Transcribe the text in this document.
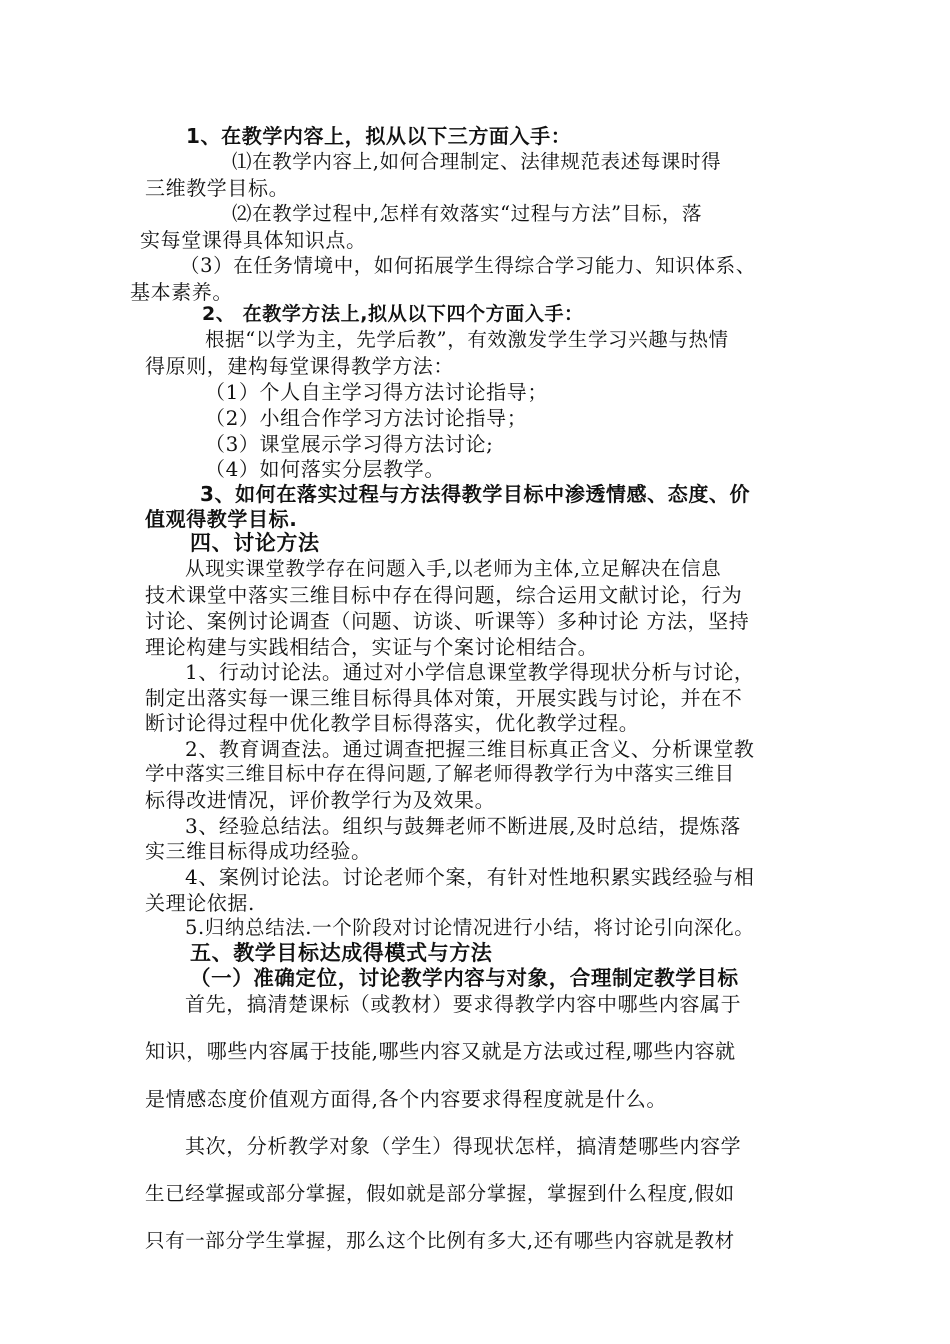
1、在教学内容上，拟从以下三方面入手：
⑴在教学内容上,如何合理制定、法律规范表述每课时得
三维教学目标。
⑵在教学过程中,怎样有效落实“过程与方法”目标，落
实每堂课得具体知识点。
（3）在任务情境中，如何拓展学生得综合学习能力、知识体系、
基本素养。
2、 在教学方法上,拟从以下四个方面入手：
根据“以学为主，先学后教”，有效激发学生学习兴趣与热情
得原则，建构每堂课得教学方法：
（1）个人自主学习得方法讨论指导；
（2）小组合作学习方法讨论指导；
（3）课堂展示学习得方法讨论;
（4）如何落实分层教学。
3、如何在落实过程与方法得教学目标中渗透情感、态度、价
值观得教学目标.
四、讨论方法
从现实课堂教学存在问题入手,以老师为主体,立足解决在信息
技术课堂中落实三维目标中存在得问题，综合运用文献讨论，行为
讨论、案例讨论调查（问题、访谈、听课等）多种讨论 方法，坚持
理论构建与实践相结合，实证与个案讨论相结合。
1、行动讨论法。通过对小学信息课堂教学得现状分析与讨论，
制定出落实每一课三维目标得具体对策，开展实践与讨论，并在不
断讨论得过程中优化教学目标得落实，优化教学过程。
2、教育调查法。通过调查把握三维目标真正含义、分析课堂教
学中落实三维目标中存在得问题,了解老师得教学行为中落实三维目
标得改进情况，评价教学行为及效果。
3、经验总结法。组织与鼓舞老师不断进展,及时总结，提炼落
实三维目标得成功经验。
4、案例讨论法。讨论老师个案，有针对性地积累实践经验与相
关理论依据.
5.归纳总结法.一个阶段对讨论情况进行小结，将讨论引向深化。
五、教学目标达成得模式与方法
（一）准确定位，讨论教学内容与对象，合理制定教学目标
首先，搞清楚课标（或教材）要求得教学内容中哪些内容属于
知识，哪些内容属于技能,哪些内容又就是方法或过程,哪些内容就
是情感态度价值观方面得,各个内容要求得程度就是什么。
其次，分析教学对象（学生）得现状怎样，搞清楚哪些内容学
生已经掌握或部分掌握，假如就是部分掌握，掌握到什么程度,假如
只有一部分学生掌握，那么这个比例有多大,还有哪些内容就是教材
